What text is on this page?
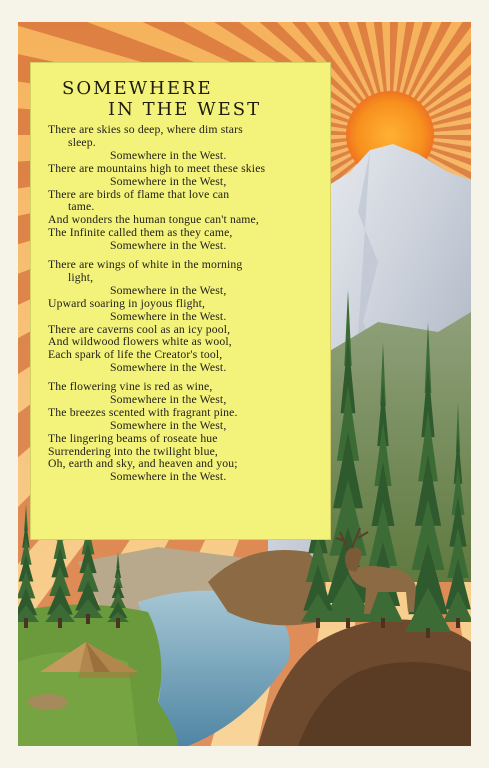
SOMEWHERE
IN THE WEST
There are skies so deep, where dim stars
sleep.
Somewhere in the West.
There are mountains high to meet these skies
Somewhere in the West,
There are birds of flame that love can
tame.
And wonders the human tongue can't name,
The Infinite called them as they came,
Somewhere in the West.
There are wings of white in the morning
light,
Somewhere in the West,
Upward soaring in joyous flight,
Somewhere in the West.
There are caverns cool as an icy pool,
And wildwood flowers white as wool,
Each spark of life the Creator's tool,
Somewhere in the West.
The flowering vine is red as wine,
Somewhere in the West,
The breezes scented with fragrant pine.
Somewhere in the West,
The lingering beams of roseate hue
Surrendering into the twilight blue,
Oh, earth and sky, and heaven and you;
Somewhere in the West.
